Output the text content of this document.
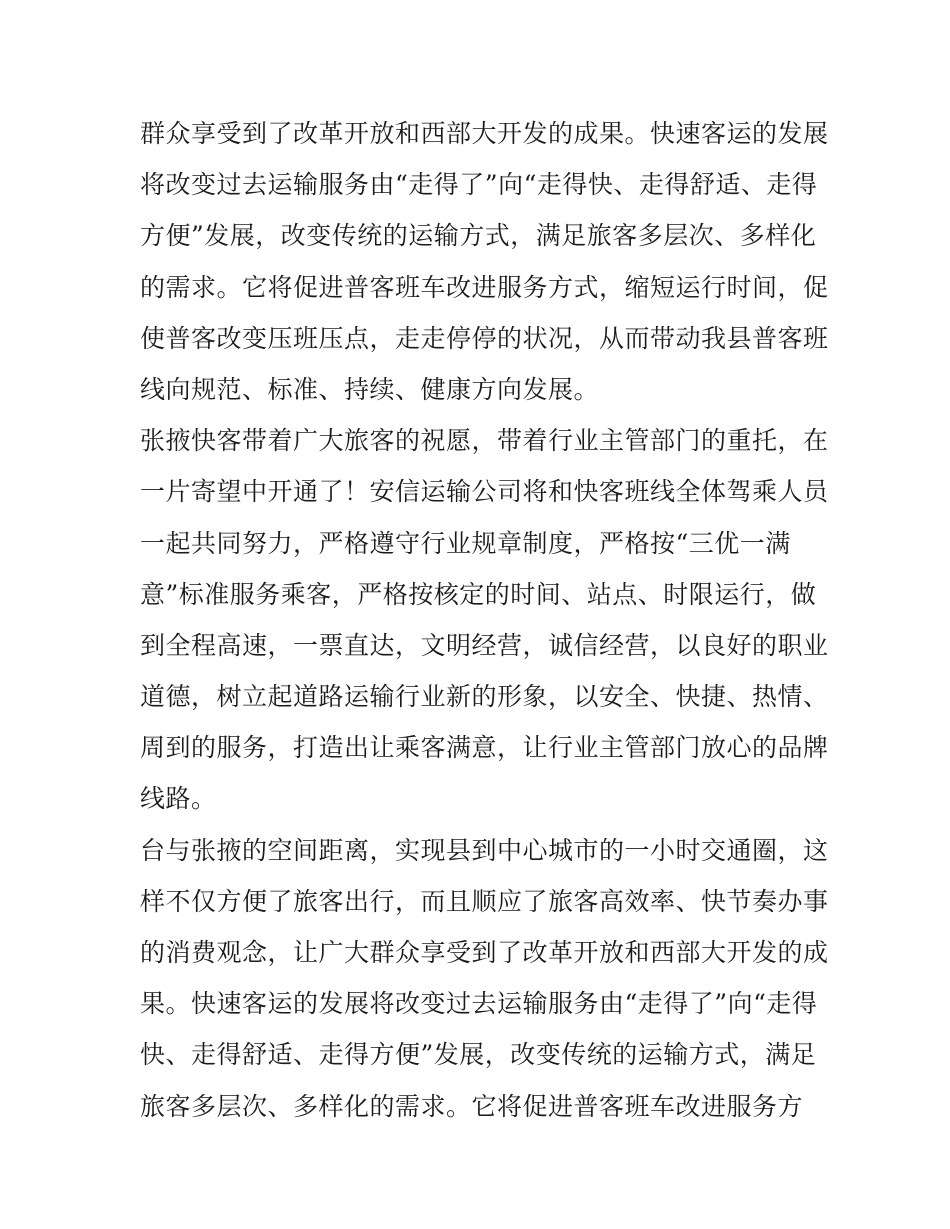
群众享受到了改革开放和西部大开发的成果。快速客运的发展
将改变过去运输服务由“走得了”向“走得快、走得舒适、走得
方便”发展，改变传统的运输方式，满足旅客多层次、多样化
的需求。它将促进普客班车改进服务方式，缩短运行时间，促
使普客改变压班压点，走走停停的状况，从而带动我县普客班
线向规范、标准、持续、健康方向发展。
张掖快客带着广大旅客的祝愿，带着行业主管部门的重托，在
一片寄望中开通了！安信运输公司将和快客班线全体驾乘人员
一起共同努力，严格遵守行业规章制度，严格按“三优一满
意”标准服务乘客，严格按核定的时间、站点、时限运行，做
到全程高速，一票直达，文明经营，诚信经营，以良好的职业
道德，树立起道路运输行业新的形象，以安全、快捷、热情、
周到的服务，打造出让乘客满意，让行业主管部门放心的品牌
线路。
台与张掖的空间距离，实现县到中心城市的一小时交通圈，这
样不仅方便了旅客出行，而且顺应了旅客高效率、快节奏办事
的消费观念，让广大群众享受到了改革开放和西部大开发的成
果。快速客运的发展将改变过去运输服务由“走得了”向“走得
快、走得舒适、走得方便”发展，改变传统的运输方式，满足
旅客多层次、多样化的需求。它将促进普客班车改进服务方
